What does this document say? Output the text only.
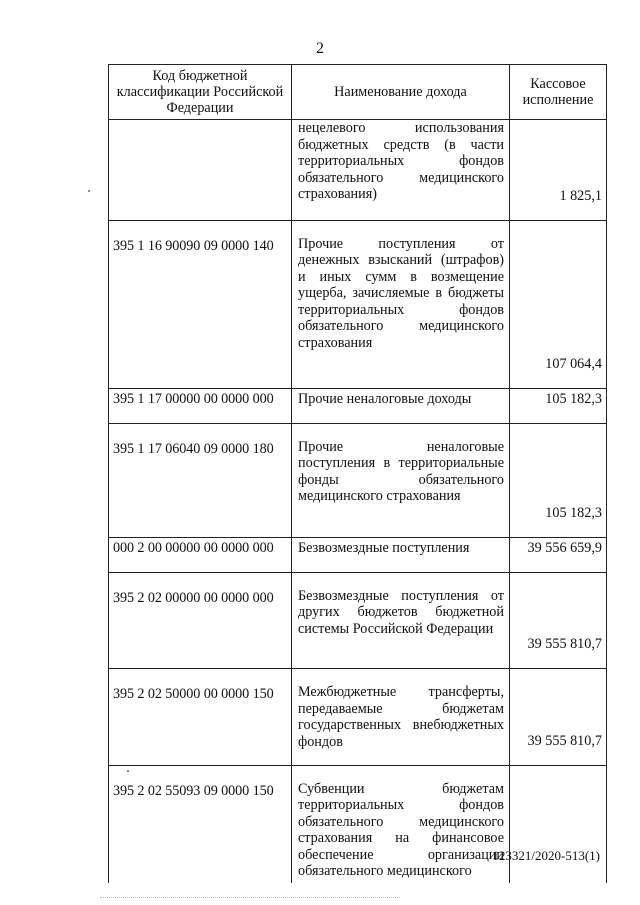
2
Код бюджетной классификации Российской Федерации	Наименование дохода	Кассовое исполнение

	нецелевого использования бюджетных средств (в части территориальных фондов обязательного медицинского страхования)	1 825,1

395 1 16 90090 09 0000 140	Прочие поступления от денежных взысканий (штрафов) и иных сумм в возмещение ущерба, зачисляемые в бюджеты территориальных фондов обязательного медицинского страхования	107 064,4

395 1 17 00000 00 0000 000	Прочие неналоговые доходы	105 182,3

395 1 17 06040 09 0000 180	Прочие неналоговые поступления в территориальные фонды обязательного медицинского страхования	105 182,3

000 2 00 00000 00 0000 000	Безвозмездные поступления	39 556 659,9

395 2 02 00000 00 0000 000	Безвозмездные поступления от других бюджетов бюджетной системы Российской Федерации	39 555 810,7

395 2 02 50000 00 0000 150	Межбюджетные трансферты, передаваемые бюджетам государственных внебюджетных фондов	39 555 810,7

395 2 02 55093 09 0000 150	Субвенции бюджетам территориальных фондов обязательного медицинского страхования на финансовое обеспечение организации обязательного медицинского	

123321/2020-513(1)
